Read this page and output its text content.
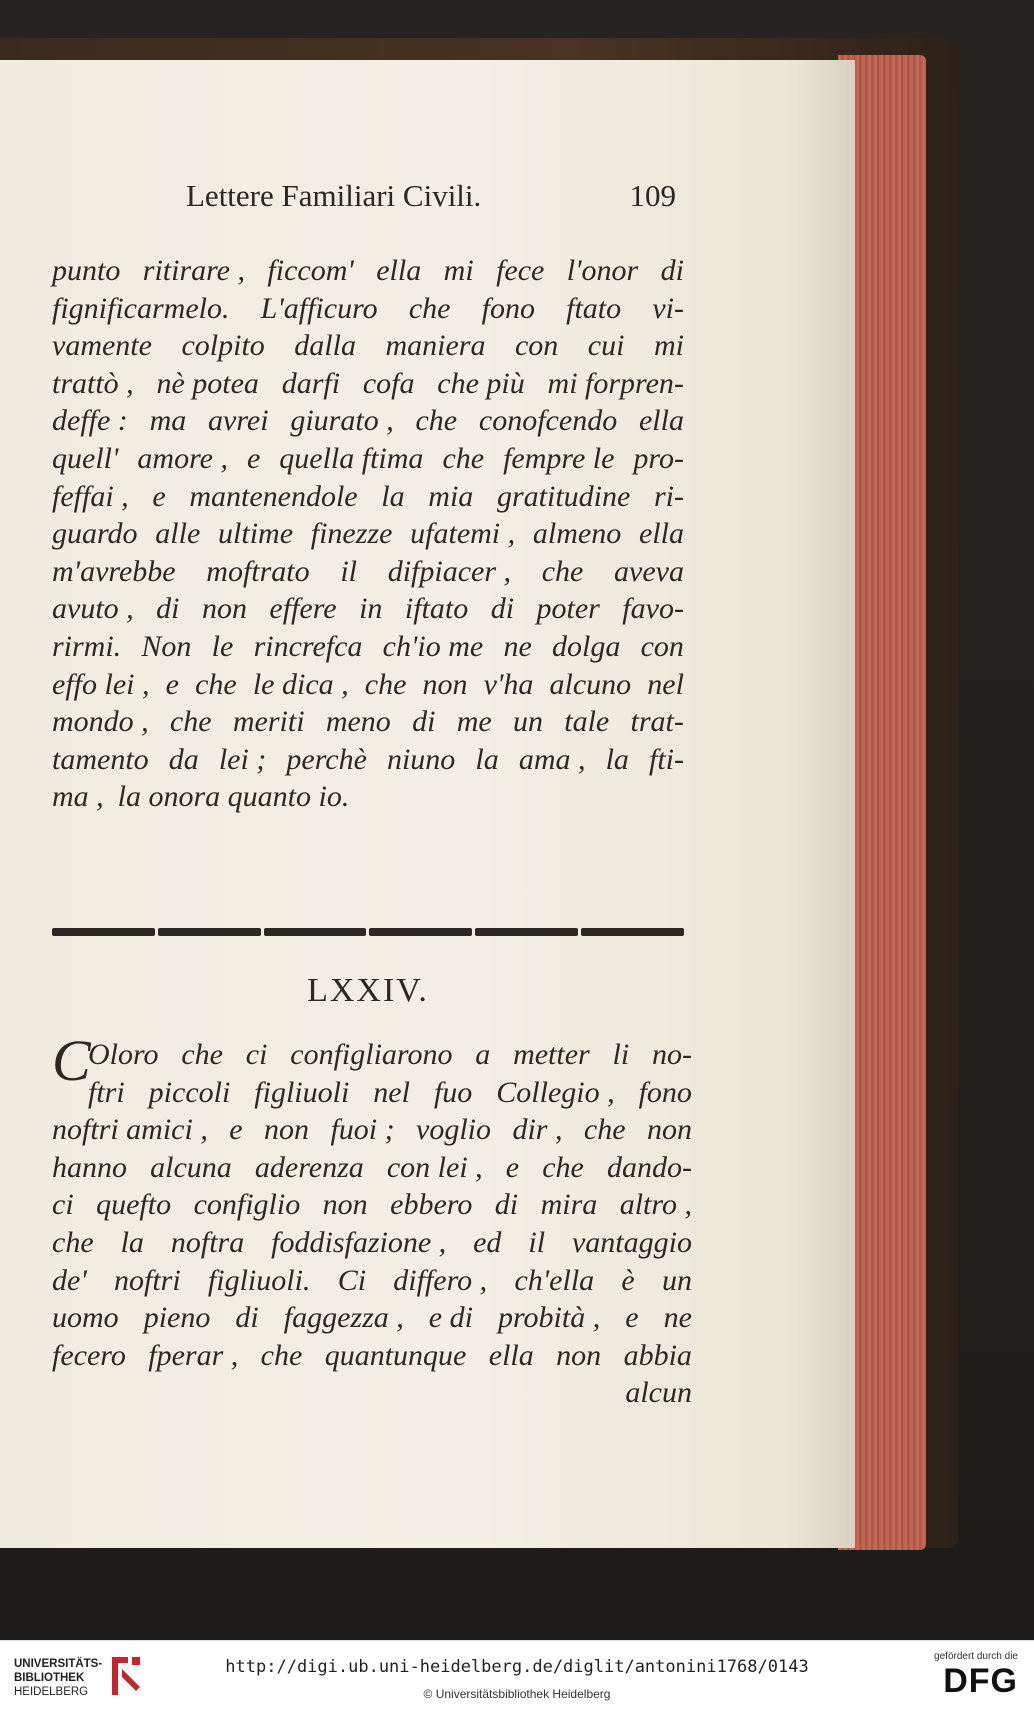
Lettere Familiari Civili.	109
punto ritirare , ficcom' ella mi fece l'onor di
fignificarmelo. L'afficuro che fono ftato vi-
vamente colpito dalla maniera con cui mi
trattò , nè potea darfi cofa che più mi forpren-
deffe : ma avrei giurato , che conofcendo ella
quell' amore , e quella ftima che fempre le pro-
feffai , e mantenendole la mia gratitudine ri-
guardo alle ultime finezze ufatemi , almeno ella
m'avrebbe moftrato il difpiacer , che aveva
avuto , di non effere in iftato di poter favo-
rirmi. Non le rincrefca ch'io me ne dolga con
effo lei , e che le dica , che non v'ha alcuno nel
mondo , che meriti meno di me un tale trat-
tamento da lei ; perchè niuno la ama , la fti-
ma , la onora quanto io.
LXXIV.
C
Oloro che ci configliarono a metter li no-
ftri piccoli figliuoli nel fuo Collegio , fono
noftri amici , e non fuoi ; voglio dir , che non
hanno alcuna aderenza con lei , e che dando-
ci quefto configlio non ebbero di mira altro ,
che la noftra foddisfazione , ed il vantaggio
de' noftri figliuoli. Ci differo , ch'ella è un
uomo pieno di faggezza , e di probità , e ne
fecero fperar , che quantunque ella non abbia
alcun
UNIVERSITÄTS-
BIBLIOTHEK
HEIDELBERG
http://digi.ub.uni-heidelberg.de/diglit/antonini1768/0143
© Universitätsbibliothek Heidelberg
gefördert durch die
DFG
